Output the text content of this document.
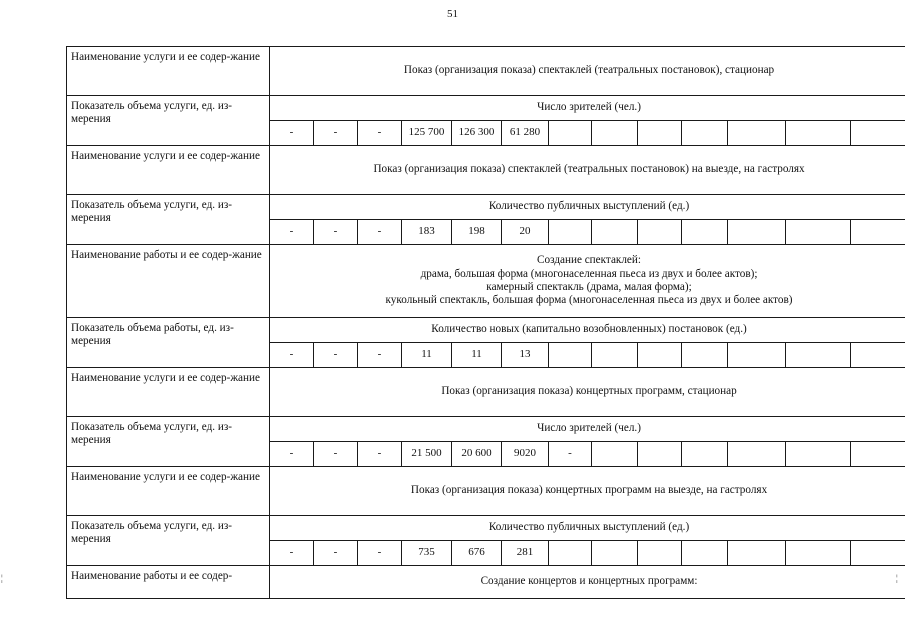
51
¦	¦
Наименование услуги и ее содер-жание	Показ (организация показа) спектаклей (театральных постановок), стационар												

Показатель объема услуги, ед. из-мерения	Число зрителей (чел.)												
	-	-	-	125 700	126 300	61 280							
Наименование услуги и ее содер-жание	Показ (организация показа) спектаклей (театральных постановок) на выезде, на гастролях												

Показатель объема услуги, ед. из-мерения	Количество публичных выступлений (ед.)												
	-	-	-	183	198	20							
Наименование работы и ее содер-жание	Создание спектаклей:
драма, большая форма (многонаселенная пьеса из двух и более актов);
камерный спектакль (драма, малая форма);
кукольный спектакль, большая форма (многонаселенная пьеса из двух и более актов)												

Показатель объема работы, ед. из-мерения	Количество новых (капитально возобновленных) постановок (ед.)												
	-	-	-	11	11	13							
Наименование услуги и ее содер-жание	Показ (организация показа) концертных программ, стационар												

Показатель объема услуги, ед. из-мерения	Число зрителей (чел.)												
	-	-	-	21 500	20 600	9020	-						
Наименование услуги и ее содер-жание	Показ (организация показа) концертных программ на выезде, на гастролях												

Показатель объема услуги, ед. из-мерения	Количество публичных выступлений (ед.)												
	-	-	-	735	676	281							
Наименование работы и ее содер-	Создание концертов и концертных программ:												
